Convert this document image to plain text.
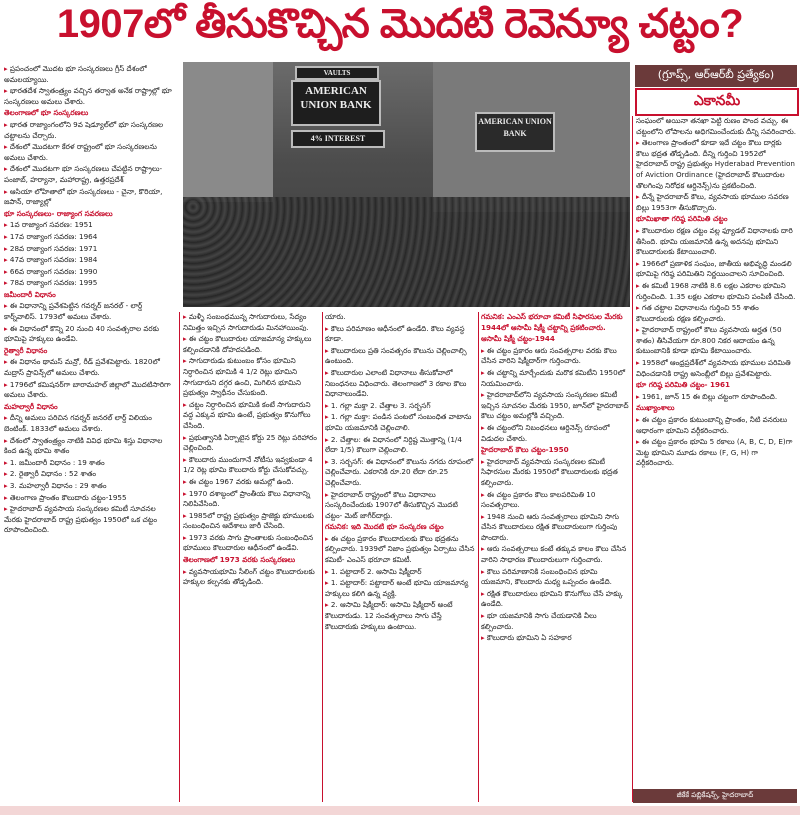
1907లో తీసుకొచ్చిన మొదటి రెవెన్యూ చట్టం?
VAULTS
AMERICAN UNION BANK
4% INTEREST
AMERICAN UNION BANK
(గ్రూప్స్, ఆర్ఆర్‌బీ ప్రత్యేకం)
ఎకానమీ

▸ ప్రపంచంలో మొదట భూ సంస్కరణలు గ్రీస్ దేశంలో అమలయ్యాయి.

▸ భారతదేశ స్వాతంత్ర్యం వచ్చిన తర్వాత అనేక రాష్ట్రాల్లో భూ సంస్కరణలు అమలు చేశారు.

తెలంగాణలో భూ సంస్కరణలు

▸ భారత రాజ్యాంగంలోని 9వ షెడ్యూల్‌లో భూ సంస్కరణల చట్టాలను చేర్చారు.

▸ దేశంలో మొదటగా కేరళ రాష్ట్రంలో భూ సంస్కరణలను అమలు చేశారు.

▸ దేశంలో మొదటగా భూ సంస్కరణలు చేపట్టిన రాష్ట్రాలు- పంజాబ్, హర్యానా, మహారాష్ట్ర, ఉత్తరప్రదేశ్

▸ ఆసియా లోహితాలో భూ సంస్కరణలు - చైనా, కొరియా, జపాన్, రాజ్యాల్లో

భూ సంస్కరణలు- రాజ్యాంగ సవరణలు

▸ 1వ రాజ్యాంగ సవరణ: 1951

▸ 17వ రాజ్యాంగ సవరణ: 1964

▸ 28వ రాజ్యాంగ సవరణ: 1971

▸ 47వ రాజ్యాంగ సవరణ: 1984

▸ 66వ రాజ్యాంగ సవరణ: 1990

▸ 78వ రాజ్యాంగ సవరణ: 1995

జమీందారీ విధానం

▸ ఈ విధానాన్ని ప్రవేశపెట్టిన గవర్నర్ జనరల్ - లార్డ్ కార్న్‌వాలిస్. 1793లో అమలు చేశారు.

▸ ఈ విధానంలో కొన్ని 20 నుంచి 40 సంవత్సరాల వరకు భూమిపై హక్కులు ఉండేవి.

రైత్వారీ విధానం

▸ ఈ విధానం థామస్ మన్రో, రీడ్ ప్రవేశపెట్టారు. 1820లో మద్రాస్ ప్రావిన్స్‌లో అమలు చేశారు.

▸ 1796లో కమిషనర్‌గా బారామహల్ జిల్లాలో మొదటిసారిగా అమలు చేశారు.

మహల్వారీ విధానం

▸ దీన్ని అమలు పరిచిన గవర్నర్ జనరల్ లార్డ్ విలియం బెంటింక్. 1833లో అమలు చేశారు.

▸ దేశంలో స్వాతంత్ర్యం నాటికి వివిధ భూమి శిస్తు విధానాల కింద ఉన్న భూమి శాతం

▸ 1. జమీందారీ విధానం : 19 శాతం

▸ 2. రైత్వారీ విధానం : 52 శాతం

▸ 3. మహల్వారీ విధానం : 29 శాతం

▸ తెలంగాణ ప్రాంతం కౌలుదారు చట్టం-1955

▸ హైదరాబాద్ వ్యవసాయ సంస్కరణల కమిటీ సూచనల మేరకు హైదరాబాద్ రాష్ట్ర ప్రభుత్వం 1950లో ఒక చట్టం రూపొందించింది.

▸ మళ్ళీ సంబంధమున్న సాగుదారులు, సేద్యం నిమిత్తం ఇచ్చిన సాగుదారుడు మినహాయింపు.

▸ ఈ చట్టం కౌలుదారుల యాజమాన్య హక్కులు కల్పించడానికి దోహదపడింది.

▸ సాగుదారుడు కుటుంబం కోసం భూమిని నిర్ధారించిన భూమికి 4 1/2 రెట్లు భూమిని సాగుదారుని దగ్గర ఉంచి, మిగిలిన భూమిని ప్రభుత్వం స్వాధీనం చేసుకుంది.

▸ చట్టం నిర్ధారించిన భూమికి కంటే సాగుదారుని వద్ద ఎక్కువ భూమి ఉంటే, ప్రభుత్వం కొనుగోలు చేసింది.

▸ ప్రభుత్వానికి ఏర్పాటైన కోర్టు 25 రెట్లు పరిహారం చెల్లించింది.

▸ కౌలుదారు ముందుగానే నోటీసు ఇవ్వకుండా 4 1/2 రెట్ల భూమి కౌలుదారు కోర్టు చేసుకోవచ్చు.

▸ ఈ చట్టం 1967 వరకు అమల్లో ఉంది.

▸ 1970 దశాబ్దంలో ప్రాంతీయ కౌలు విధానాన్ని నిలిపివేసింది.

▸ 1985లో రాష్ట్ర ప్రభుత్వం ప్రాజెక్టు భూములకు సంబంధించిన ఆదేశాలు జారీ చేసింది.

▸ 1973 వరకు సాగు ప్రాంతాలకు సంబంధించిన భూములు కౌలుదారుల ఆధీనంలో ఉండేవి.

తెలంగాణలో 1973 వరకు సంస్కరణలు

▸ వ్యవసాయభూమి సీలింగ్ చట్టం కౌలుదారులకు హక్కుల కల్పనకు తోడ్పడింది.

యారు.

▸ కౌలు పరిమాణం ఆధీనంలో ఉండేది. కౌలు వ్యవస్థ కూడా.

▸ కౌలుదారులు ప్రతి సంవత్సరం కౌలును చెల్లించాల్సి ఉంటుంది.

▸ కౌలుదారుల ఎలాంటి విధానాలు తీసుకోవాలో నిబంధనలు విధించారు. తెలంగాణలో 3 రకాల కౌలు విధానాలుండేవి.

▸ 1. గల్లా మక్తా 2. చేత్తాల 3. సర్బసగ్

▸ 1. గల్లా మక్తా: పండిన పంటలో సంబంధిత వాటాను భూమి యజమానికి చెల్లించాలి.

▸ 2. చేత్తాల: ఈ విధానంలో నిర్దిష్ట మొత్తాన్ని (1/4 లేదా 1/5) కౌలుగా చెల్లించాలి.

▸ 3. సర్బసగ్: ఈ విధానంలో కౌలును నగదు రూపంలో చెల్లించేవారు. ఎకరానికి రూ.20 లేదా రూ.25 చెల్లించేవారు.

▸ హైదరాబాద్ రాష్ట్రంలో కౌలు విధానాలు సంస్కరించేందుకు 1907లో తీసుకొచ్చిన మొదటి చట్టం- మెట్ జాగీర్‌దార్లు.

గమనిక: ఇది మొదటి భూ సంస్కరణ చట్టం

▸ ఈ చట్టం ప్రకారం కౌలుదారులకు కౌలు భద్రతను కల్పించారు. 1939లో నిజాం ప్రభుత్వం ఏర్పాటు చేసిన కమిటీ- ఎంఎస్ భరూచా కమిటీ.

▸ 1. పట్టాదార్ 2. ఆసామి షిక్మీదార్

▸ 1. పట్టాదార్: పట్టాదార్ అంటే భూమి యాజమాన్య హక్కులు కలిగి ఉన్న వ్యక్తి.

▸ 2. ఆసామి షిక్మీదార్: ఆసామి షిక్మీదార్ అంటే కౌలుదారుడు. 12 సంవత్సరాలు సాగు చేస్తే కౌలుదారుకు హక్కులు ఉంటాయి.

గమనిక: ఎంఎస్ భరూచా కమిటీ సిఫారసుల మేరకు 1944లో ఆసామీ షిక్మీ చట్టాన్ని ప్రకటించారు.

ఆసామీ షిక్మీ చట్టం-1944

▸ ఈ చట్టం ప్రకారం ఆరు సంవత్సరాల వరకు కౌలు చేసిన వారిని షిక్మీదార్‌గా గుర్తించారు.

▸ ఈ చట్టాన్ని మార్చేందుకు మరొక కమిటీని 1950లో నియమించారు.

▸ హైదరాబాద్‌లోని వ్యవసాయ సంస్కరణల కమిటీ ఇచ్చిన సూచనల మేరకు 1950, జూన్‌లో హైదరాబాద్ కౌలు చట్టం అమల్లోకి వచ్చింది.

▸ ఈ చట్టంలోని నిబంధనలు ఆర్డినెన్స్ రూపంలో విడుదల చేశారు.

హైదరాబాద్ కౌలు చట్టం-1950

▸ హైదరాబాద్ వ్యవసాయ సంస్కరణల కమిటీ సిఫారసుల మేరకు 1950లో కౌలుదారులకు భద్రత కల్పించారు.

▸ ఈ చట్టం ప్రకారం కౌలు కాలపరిమితి 10 సంవత్సరాలు.

▸ 1948 నుంచి ఆరు సంవత్సరాలు భూమిని సాగు చేసిన కౌలుదారులు రక్షిత కౌలుదారులుగా గుర్తింపు పొందారు.

▸ ఆరు సంవత్సరాలు కంటే తక్కువ కాలం కౌలు చేసిన వారిని సాధారణ కౌలుదారులుగా గుర్తించారు.

▸ కౌలు పరిమాణానికి సంబంధించిన భూమి యజమాని, కౌలుదారు మధ్య ఒప్పందం ఉండేది.

▸ రక్షిత కౌలుదారులు భూమిని కొనుగోలు చేసే హక్కు ఉండేది.

▸ భూ యజమానికి సాగు చేయడానికి వీలు కల్పించారు.

▸ కౌలుదారు భూమిని ఏ సహకార

సంఘంలో అయినా తనఖా పెట్టి రుణం పొంద వచ్చు. ఈ చట్టంలోని లోపాలను అధిగమించేందుకు దీన్ని సవరించారు.

▸ తెలంగాణ ప్రాంతంలో కూడా ఇదే చట్టం కౌలు దార్లకు కౌలు భద్రత తోడ్పడింది. దీన్ని గుర్తించి 1952లో హైదరాబాద్ రాష్ట్ర ప్రభుత్వం Hyderabad Prevention of Aviction Ordinance (హైదరాబాద్ కౌలుదారుల తొలగింపు నిరోధక ఆర్డినెన్స్)ను ప్రకటించింది.

▸ దీన్నే హైదరాబాద్ కౌలు, వ్యవసాయ భూముల సవరణ బిల్లు 1953గా తీసుకొచ్చారు.

భూమిఖాతా గరిష్ఠ పరిమితి చట్టం

▸ కౌలుదారుల రక్షణ చట్టం వల్ల ఫ్యూడల్ విధానాలకు దారి తీసింది. భూమి యజమానికి ఉన్న అదనపు భూమిని కౌలుదారులకు కేటాయించాలి.

▸ 1966లో ప్రణాళిక సంఘం, జాతీయ అభివృద్ధి మండలి భూమిపై గరిష్ఠ పరిమితిని నిర్ణయించాలని సూచించింది.

▸ ఈ కమిటీ 1968 నాటికి 8.6 లక్షల ఎకరాల భూమిని గుర్తించింది. 1.35 లక్షల ఎకరాల భూమిని పంపిణీ చేసింది.

▸ గత చట్టాల విధానాలను గుర్తించి 55 శాతం కౌలుదారులకు రక్షణ కల్పించారు.

▸ హైదరాబాద్ రాష్ట్రంలో కౌలు వ్యవసాయ అర్హత (50 శాతం) తీసివేయగా రూ.800 నికర ఆదాయం ఉన్న కుటుంబానికి కూడా భూమి కేటాయించారు.

▸ 1958లో ఆంధ్రప్రదేశ్‌లో వ్యవసాయ భూముల పరిమితి విధించడానికి రాష్ట్ర అసెంబ్లీలో బిల్లు ప్రవేశపెట్టారు.

భూ గరిష్ఠ పరిమితి చట్టం- 1961

▸ 1961, జూన్ 15 ఈ బిల్లు చట్టంగా రూపొందింది.

ముఖ్యాంశాలు

▸ ఈ చట్టం ప్రకారం కుటుంబాన్ని ప్రాంతం, నీటి వనరులు ఆధారంగా భూమిని వర్గీకరించారు.

▸ ఈ చట్టం ప్రకారం భూమి 5 రకాలు (A, B, C, D, E)గా మెట్ట భూమిని మూడు రకాలు (F, G, H) గా వర్గీకరించారు.

జీకేకే పబ్లికేషన్స్, హైదరాబాద్
